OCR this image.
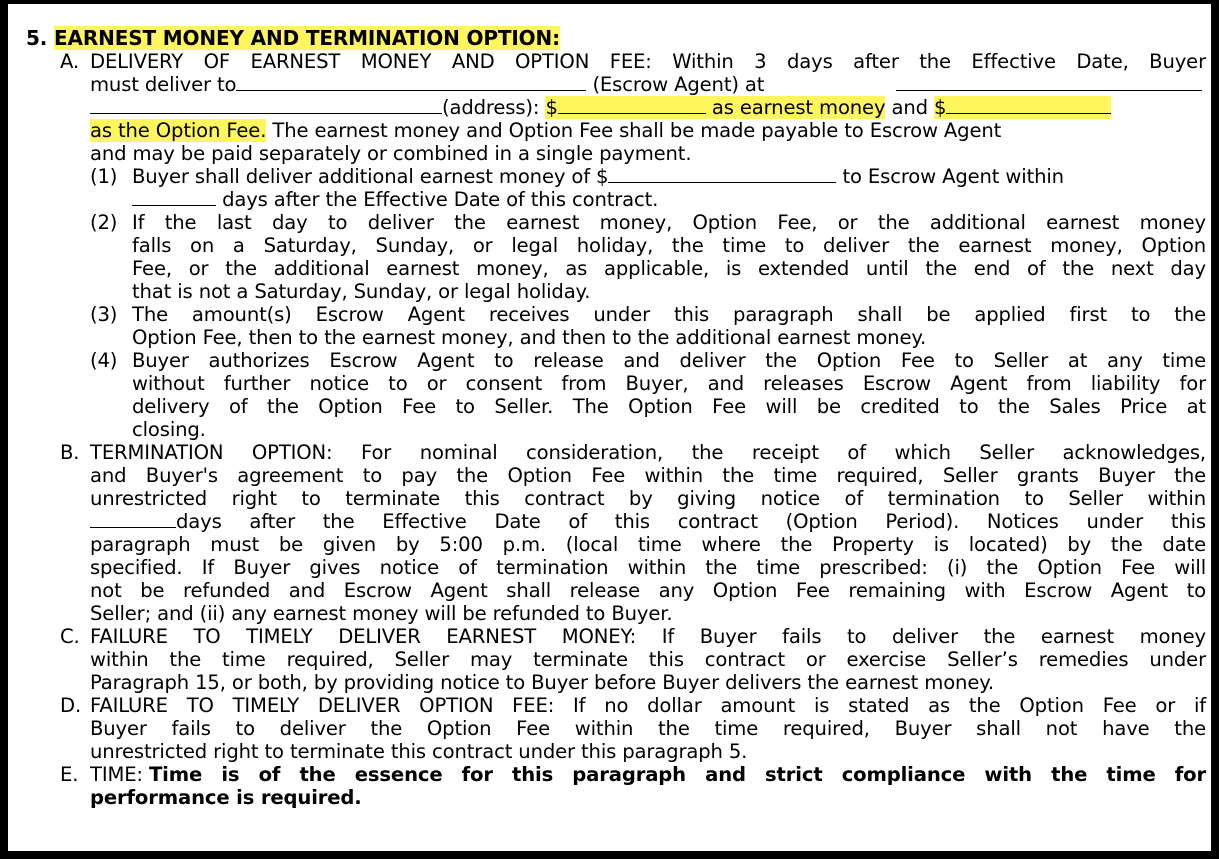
5. EARNEST MONEY AND TERMINATION OPTION:
A. DELIVERY OF EARNEST MONEY AND OPTION FEE: Within 3 days after the Effective Date, Buyer
must deliver to	(Escrow Agent) at
(address): $	as earnest money and $
as the Option Fee. The earnest money and Option Fee shall be made payable to Escrow Agent
and may be paid separately or combined in a single payment.
(1) Buyer shall deliver additional earnest money of $	to Escrow Agent within
days after the Effective Date of this contract.
(2) If the last day to deliver the earnest money, Option Fee, or the additional earnest money
falls on a Saturday, Sunday, or legal holiday, the time to deliver the earnest money, Option
Fee, or the additional earnest money, as applicable, is extended until the end of the next day
that is not a Saturday, Sunday, or legal holiday.
(3) The amount(s) Escrow Agent receives under this paragraph shall be applied first to the
Option Fee, then to the earnest money, and then to the additional earnest money.
(4) Buyer authorizes Escrow Agent to release and deliver the Option Fee to Seller at any time
without further notice to or consent from Buyer, and releases Escrow Agent from liability for
delivery of the Option Fee to Seller. The Option Fee will be credited to the Sales Price at
closing.
B. TERMINATION OPTION: For nominal consideration, the receipt of which Seller acknowledges,
and Buyer's agreement to pay the Option Fee within the time required, Seller grants Buyer the
unrestricted right to terminate this contract by giving notice of termination to Seller within
days after the Effective Date of this contract (Option Period). Notices under this
paragraph must be given by 5:00 p.m. (local time where the Property is located) by the date
specified. If Buyer gives notice of termination within the time prescribed: (i) the Option Fee will
not be refunded and Escrow Agent shall release any Option Fee remaining with Escrow Agent to
Seller; and (ii) any earnest money will be refunded to Buyer.
C. FAILURE TO TIMELY DELIVER EARNEST MONEY: If Buyer fails to deliver the earnest money
within the time required, Seller may terminate this contract or exercise Seller’s remedies under
Paragraph 15, or both, by providing notice to Buyer before Buyer delivers the earnest money.
D. FAILURE TO TIMELY DELIVER OPTION FEE: If no dollar amount is stated as the Option Fee or if
Buyer fails to deliver the Option Fee within the time required, Buyer shall not have the
unrestricted right to terminate this contract under this paragraph 5.
E. TIME: Time is of the essence for this paragraph and strict compliance with the time for
performance is required.
